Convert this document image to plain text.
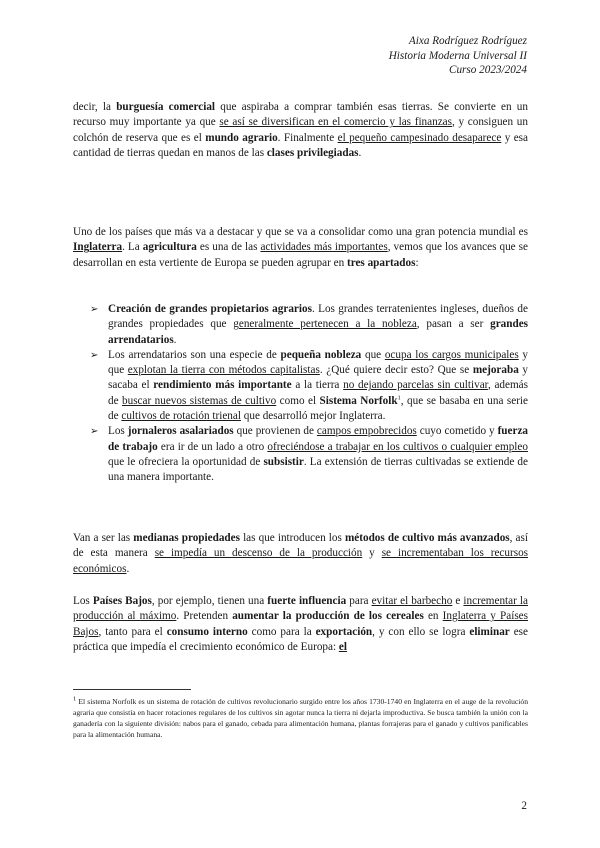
Aixa Rodríguez Rodríguez
Historia Moderna Universal II
Curso 2023/2024

decir, la burguesía comercial que aspiraba a comprar también esas tierras. Se convierte en un recurso muy importante ya que se así se diversifican en el comercio y las finanzas, y consiguen un colchón de reserva que es el mundo agrario. Finalmente el pequeño campesinado desaparece y esa cantidad de tierras quedan en manos de las clases privilegiadas.

Uno de los países que más va a destacar y que se va a consolidar como una gran potencia mundial es Inglaterra. La agricultura es una de las actividades más importantes, vemos que los avances que se desarrollan en esta vertiente de Europa se pueden agrupar en tres apartados:

➢ Creación de grandes propietarios agrarios. Los grandes terratenientes ingleses, dueños de grandes propiedades que generalmente pertenecen a la nobleza, pasan a ser grandes arrendatarios.
➢ Los arrendatarios son una especie de pequeña nobleza que ocupa los cargos municipales y que explotan la tierra con métodos capitalistas. ¿Qué quiere decir esto? Que se mejoraba y sacaba el rendimiento más importante a la tierra no dejando parcelas sin cultivar, además de buscar nuevos sistemas de cultivo como el Sistema Norfolk$^1$, que se basaba en una serie de cultivos de rotación trienal que desarrolló mejor Inglaterra.
➢ Los jornaleros asalariados que provienen de campos empobrecidos cuyo cometido y fuerza de trabajo era ir de un lado a otro ofreciéndose a trabajar en los cultivos o cualquier empleo que le ofreciera la oportunidad de subsistir. La extensión de tierras cultivadas se extiende de una manera importante.

Van a ser las medianas propiedades las que introducen los métodos de cultivo más avanzados, así de esta manera se impedía un descenso de la producción y se incrementaban los recursos económicos.

Los Países Bajos, por ejemplo, tienen una fuerte influencia para evitar el barbecho e incrementar la producción al máximo. Pretenden aumentar la producción de los cereales en Inglaterra y Países Bajos, tanto para el consumo interno como para la exportación, y con ello se logra eliminar ese práctica que impedía el crecimiento económico de Europa: el

$^1$ El sistema Norfolk es un sistema de rotación de cultivos revolucionario surgido entre los años 1730-1740 en Inglaterra en el auge de la revolución agraria que consistía en hacer rotaciones regulares de los cultivos sin agotar nunca la tierra ni dejarla improductiva. Se busca también la unión con la ganadería con la siguiente división: nabos para el ganado, cebada para alimentación humana, plantas forrajeras para el ganado y cultivos panificables para la alimentación humana.

2
